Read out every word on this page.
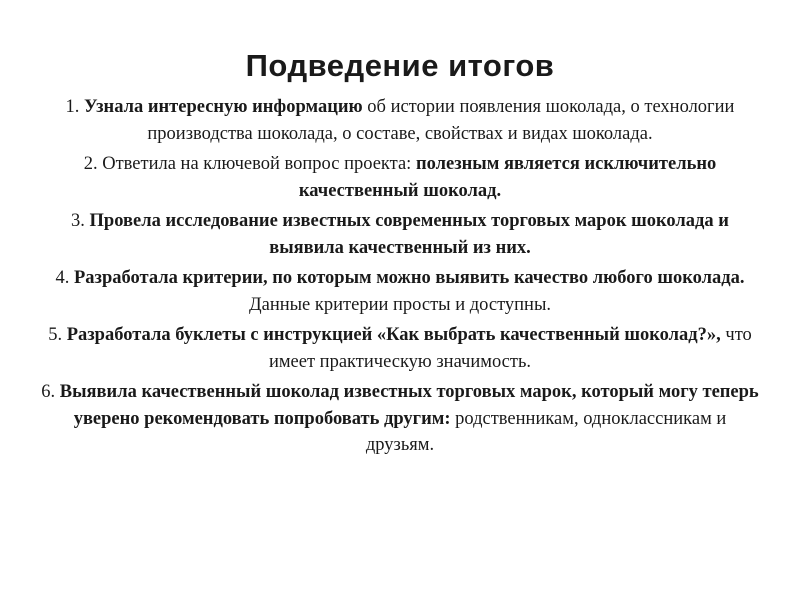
Подведение итогов

1. Узнала интересную информацию об истории появления шоколада, о технологии производства шоколада, о составе, свойствах и видах шоколада.

2. Ответила на ключевой вопрос проекта: полезным является исключительно качественный шоколад.

3. Провела исследование известных современных торговых марок шоколада и выявила качественный из них.

4. Разработала критерии, по которым можно выявить качество любого шоколада. Данные критерии просты и доступны.

5. Разработала буклеты с инструкцией «Как выбрать качественный шоколад?», что имеет практическую значимость.

6. Выявила качественный шоколад известных торговых марок, который могу теперь уверено рекомендовать попробовать другим: родственникам, одноклассникам и друзьям.
